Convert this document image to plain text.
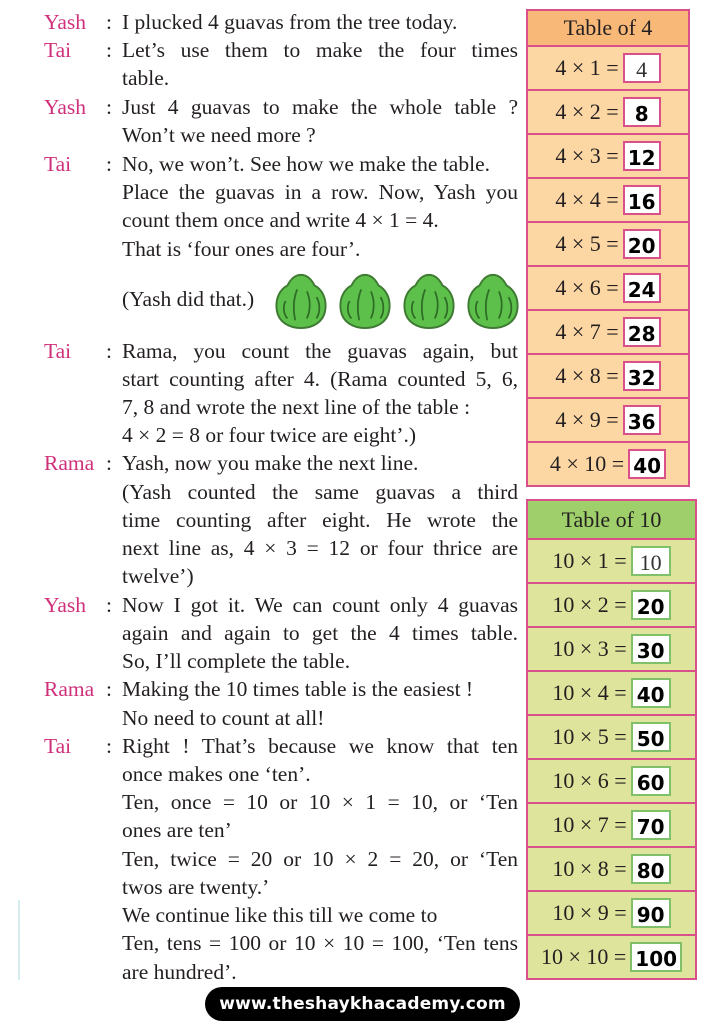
Yash : I plucked 4 guavas from the tree today.
Tai : Let’s use them to make the four times
table.
Yash : Just 4 guavas to make the whole table ?
Won’t we need more ?
Tai : No, we won’t. See how we make the table.
Place the guavas in a row. Now, Yash you
count them once and write 4 × 1 = 4.
That is ‘four ones are four’.
(Yash did that.)
Tai : Rama, you count the guavas again, but
start counting after 4. (Rama counted 5, 6,
7, 8 and wrote the next line of the table :
4 × 2 = 8 or four twice are eight’.)
Rama : Yash, now you make the next line.
(Yash counted the same guavas a third
time counting after eight. He wrote the
next line as, 4 × 3 = 12 or four thrice are
twelve’)
Yash : Now I got it. We can count only 4 guavas
again and again to get the 4 times table.
So, I’ll complete the table.
Rama : Making the 10 times table is the easiest !
No need to count at all!
Tai : Right ! That’s because we know that ten
once makes one ‘ten’.
Ten, once = 10 or 10 × 1 = 10, or ‘Ten
ones are ten’
Ten, twice = 20 or 10 × 2 = 20, or ‘Ten
twos are twenty.’
We continue like this till we come to
Ten, tens = 100 or 10 × 10 = 100, ‘Ten tens
are hundred’.
Table of 4
4 × 1 = 4
4 × 2 = 8
4 × 3 = 12
4 × 4 = 16
4 × 5 = 20
4 × 6 = 24
4 × 7 = 28
4 × 8 = 32
4 × 9 = 36
4 × 10 = 40
Table of 10
10 × 1 = 10
10 × 2 = 20
10 × 3 = 30
10 × 4 = 40
10 × 5 = 50
10 × 6 = 60
10 × 7 = 70
10 × 8 = 80
10 × 9 = 90
10 × 10 = 100
www.theshaykhacademy.com
